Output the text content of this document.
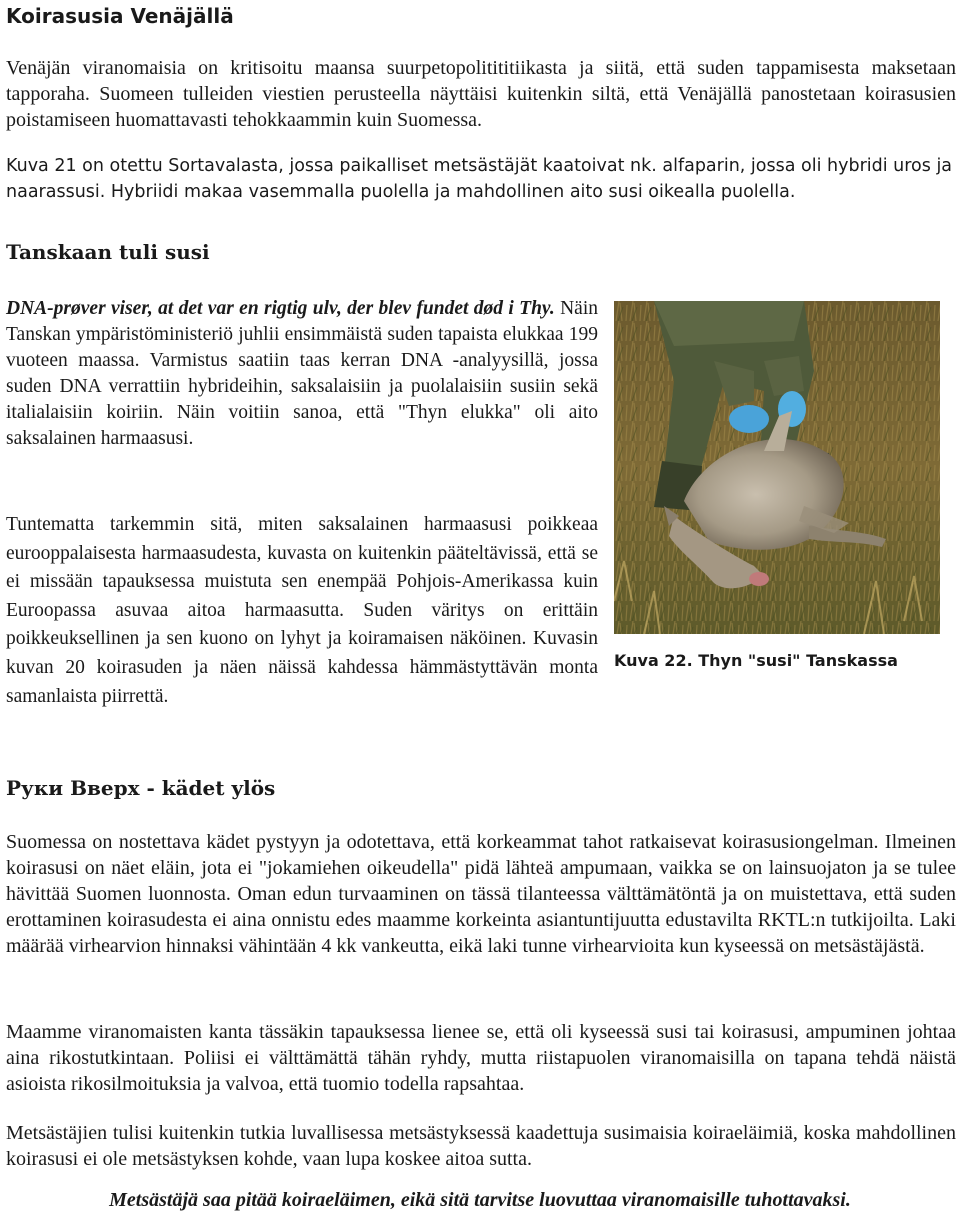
Koirasusia Venäjällä

Venäjän viranomaisia on kritisoitu maansa suurpetopolitititiikasta ja siitä, että suden tappamisesta maksetaan tapporaha. Suomeen tulleiden viestien perusteella näyttäisi kuitenkin siltä, että Venäjällä panostetaan koirasusien poistamiseen huomattavasti tehokkaammin kuin Suomessa.

Kuva 21 on otettu Sortavalasta, jossa paikalliset metsästäjät kaatoivat nk. alfaparin, jossa oli hybridi uros ja naarassusi. Hybriidi makaa vasemmalla puolella ja mahdollinen aito susi oikealla puolella.

Tanskaan tuli susi

DNA-prøver viser, at det var en rigtig ulv, der blev fundet død i Thy. Näin Tanskan ympäristöministeriö juhlii ensimmäistä suden tapaista elukkaa 199 vuoteen maassa. Varmistus saatiin taas kerran DNA -analyysillä, jossa suden DNA verrattiin hybrideihin, saksalaisiin ja puolalaisiin susiin sekä italialaisiin koiriin. Näin voitiin sanoa, että "Thyn elukka" oli aito saksalainen harmaasusi.

Tuntematta tarkemmin sitä, miten saksalainen harmaasusi poikkeaa eurooppalaisesta harmaasudesta, kuvasta on kuitenkin pääteltävissä, että se ei missään tapauksessa muistuta sen enempää Pohjois-Amerikassa kuin Euroopassa asuvaa aitoa harmaasutta. Suden väritys on erittäin poikkeuksellinen ja sen kuono on lyhyt ja koiramaisen näköinen. Kuvasin kuvan 20 koirasuden ja näen näissä kahdessa hämmästyttävän monta samanlaista piirrettä.

Kuva 22. Thyn "susi" Tanskassa
Руки Вверх - kädet ylös

Suomessa on nostettava kädet pystyyn ja odotettava, että korkeammat tahot ratkaisevat koirasusiongelman. Ilmeinen koirasusi on näet eläin, jota ei "jokamiehen oikeudella" pidä lähteä ampumaan, vaikka se on lainsuojaton ja se tulee hävittää Suomen luonnosta. Oman edun turvaaminen on tässä tilanteessa välttämätöntä ja on muistettava, että suden erottaminen koirasudesta ei aina onnistu edes maamme korkeinta asiantuntijuutta edustavilta RKTL:n tutkijoilta. Laki määrää virhearvion hinnaksi vähintään 4 kk vankeutta, eikä laki tunne virhearvioita kun kyseessä on metsästäjästä.

Maamme viranomaisten kanta tässäkin tapauksessa lienee se, että oli kyseessä susi tai koirasusi, ampuminen johtaa aina rikostutkintaan. Poliisi ei välttämättä tähän ryhdy, mutta riistapuolen viranomaisilla on tapana tehdä näistä asioista rikosilmoituksia ja valvoa, että tuomio todella rapsahtaa.

Metsästäjien tulisi kuitenkin tutkia luvallisessa metsästyksessä kaadettuja susimaisia koiraeläimiä, koska mahdollinen koirasusi ei ole metsästyksen kohde, vaan lupa koskee aitoa sutta.

Metsästäjä saa pitää koiraeläimen, eikä sitä tarvitse luovuttaa viranomaisille tuhottavaksi.
